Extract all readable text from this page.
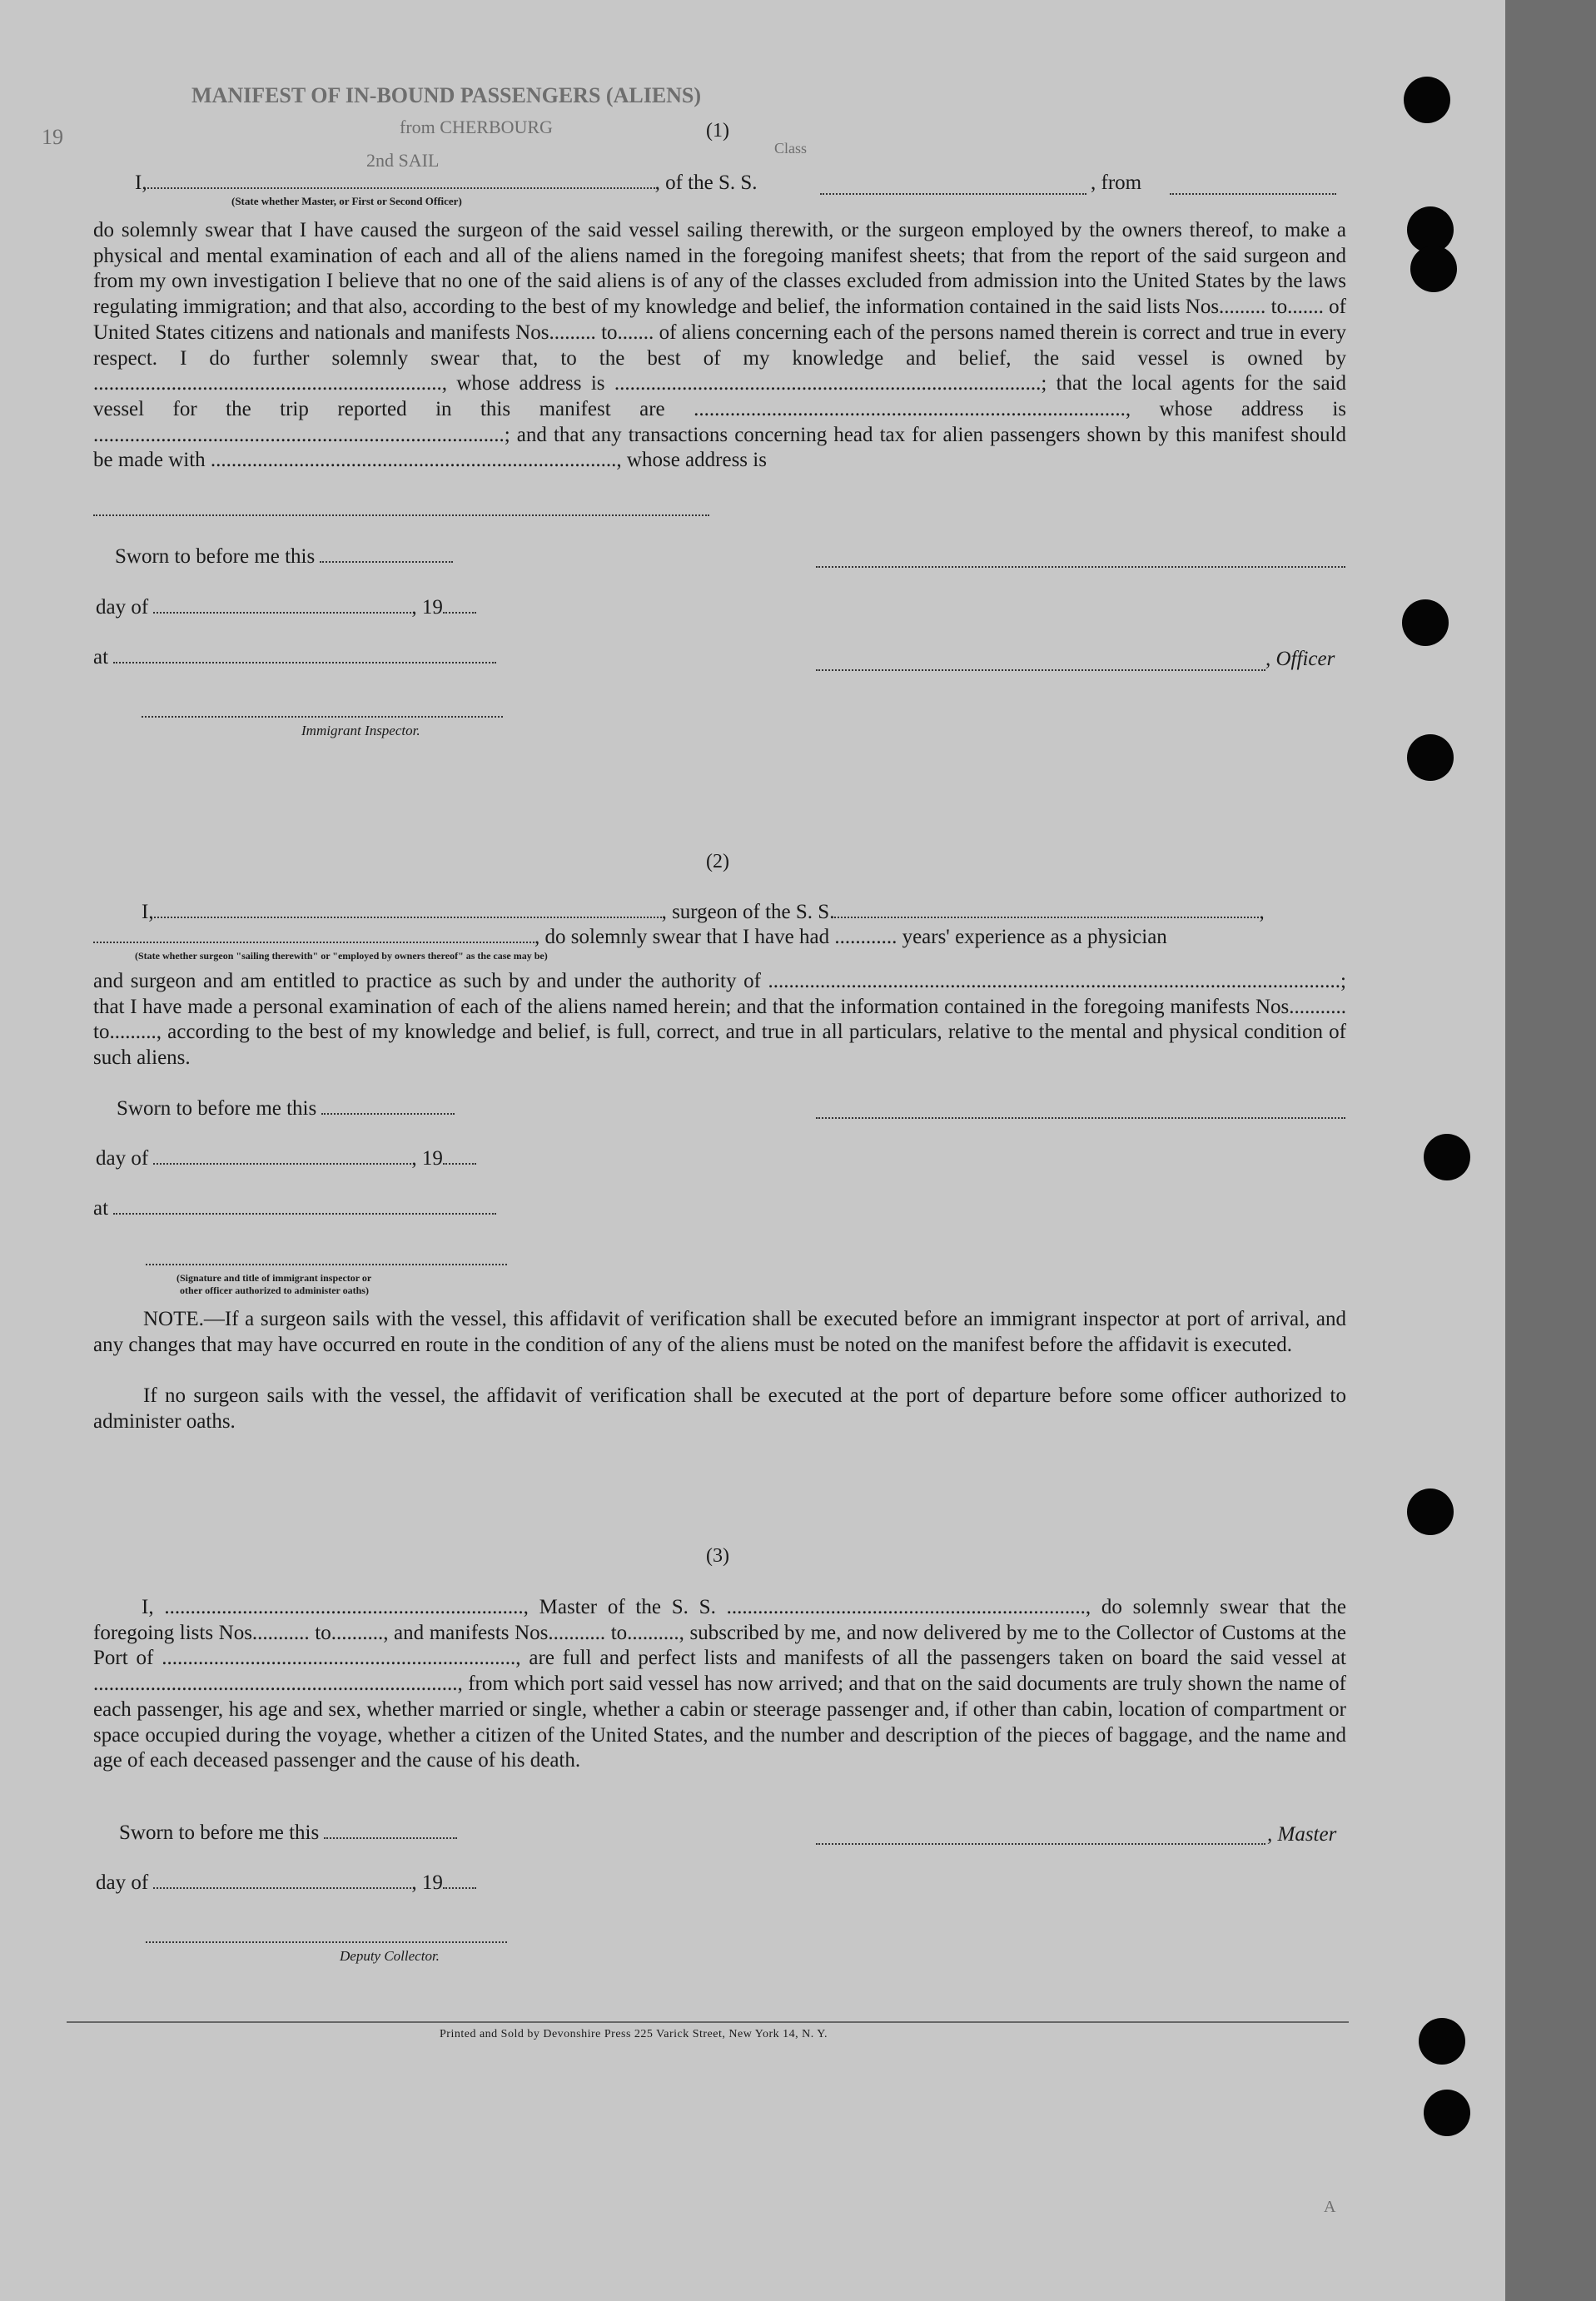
MANIFEST OF IN-BOUND PASSENGERS (ALIENS)
from CHERBOURG
2nd SAIL
19	Class
(1)
I,	, of the S. S.	, from
(State whether Master, or First or Second Officer)
do solemnly swear that I have caused the surgeon of the said vessel sailing therewith, or the surgeon employed by the owners thereof, to make a physical and mental examination of each and all of the aliens named in the foregoing manifest sheets; that from the report of the said surgeon and from my own investigation I believe that no one of the said aliens is of any of the classes excluded from admission into the United States by the laws regulating immigration; and that also, according to the best of my knowledge and belief, the information contained in the said lists Nos......... to....... of United States citizens and nationals and manifests Nos......... to....... of aliens concerning each of the persons named therein is correct and true in every respect. I do further solemnly swear that, to the best of my knowledge and belief, the said vessel is owned by ..................................................................., whose address is ..................................................................................; that the local agents for the said vessel for the trip reported in this manifest are ..................................................................................., whose address is ...............................................................................; and that any transactions concerning head tax for alien passengers shown by this manifest should be made with .............................................................................., whose address is
Sworn to before me this
day of	, 19
at	, Officer
Immigrant Inspector.
(2)
I,	, surgeon of the S. S.	,
, do solemnly swear that I have had ............ years' experience as a physician
(State whether surgeon "sailing therewith" or "employed by owners thereof" as the case may be)
and surgeon and am entitled to practice as such by and under the authority of ..............................................................................................................; that I have made a personal examination of each of the aliens named herein; and that the information contained in the foregoing manifests Nos........... to........., according to the best of my knowledge and belief, is full, correct, and true in all particulars, relative to the mental and physical condition of such aliens.
Sworn to before me this
day of	, 19
at
(Signature and title of immigrant inspector or
other officer authorized to administer oaths)
NOTE.—If a surgeon sails with the vessel, this affidavit of verification shall be executed before an immigrant inspector at port of arrival, and any changes that may have occurred en route in the condition of any of the aliens must be noted on the manifest before the affidavit is executed.
If no surgeon sails with the vessel, the affidavit of verification shall be executed at the port of departure before some officer authorized to administer oaths.
(3)
I, ....................................................................., Master of the S. S. ....................................................................., do solemnly swear that the foregoing lists Nos........... to.........., and manifests Nos........... to.........., subscribed by me, and now delivered by me to the Collector of Customs at the Port of ...................................................................., are full and perfect lists and manifests of all the passengers taken on board the said vessel at ......................................................................, from which port said vessel has now arrived; and that on the said documents are truly shown the name of each passenger, his age and sex, whether married or single, whether a cabin or steerage passenger and, if other than cabin, location of compartment or space occupied during the voyage, whether a citizen of the United States, and the number and description of the pieces of baggage, and the name and age of each deceased passenger and the cause of his death.
Sworn to before me this	, Master
day of	, 19
Deputy Collector.
Printed and Sold by Devonshire Press 225 Varick Street, New York 14, N. Y.
A
